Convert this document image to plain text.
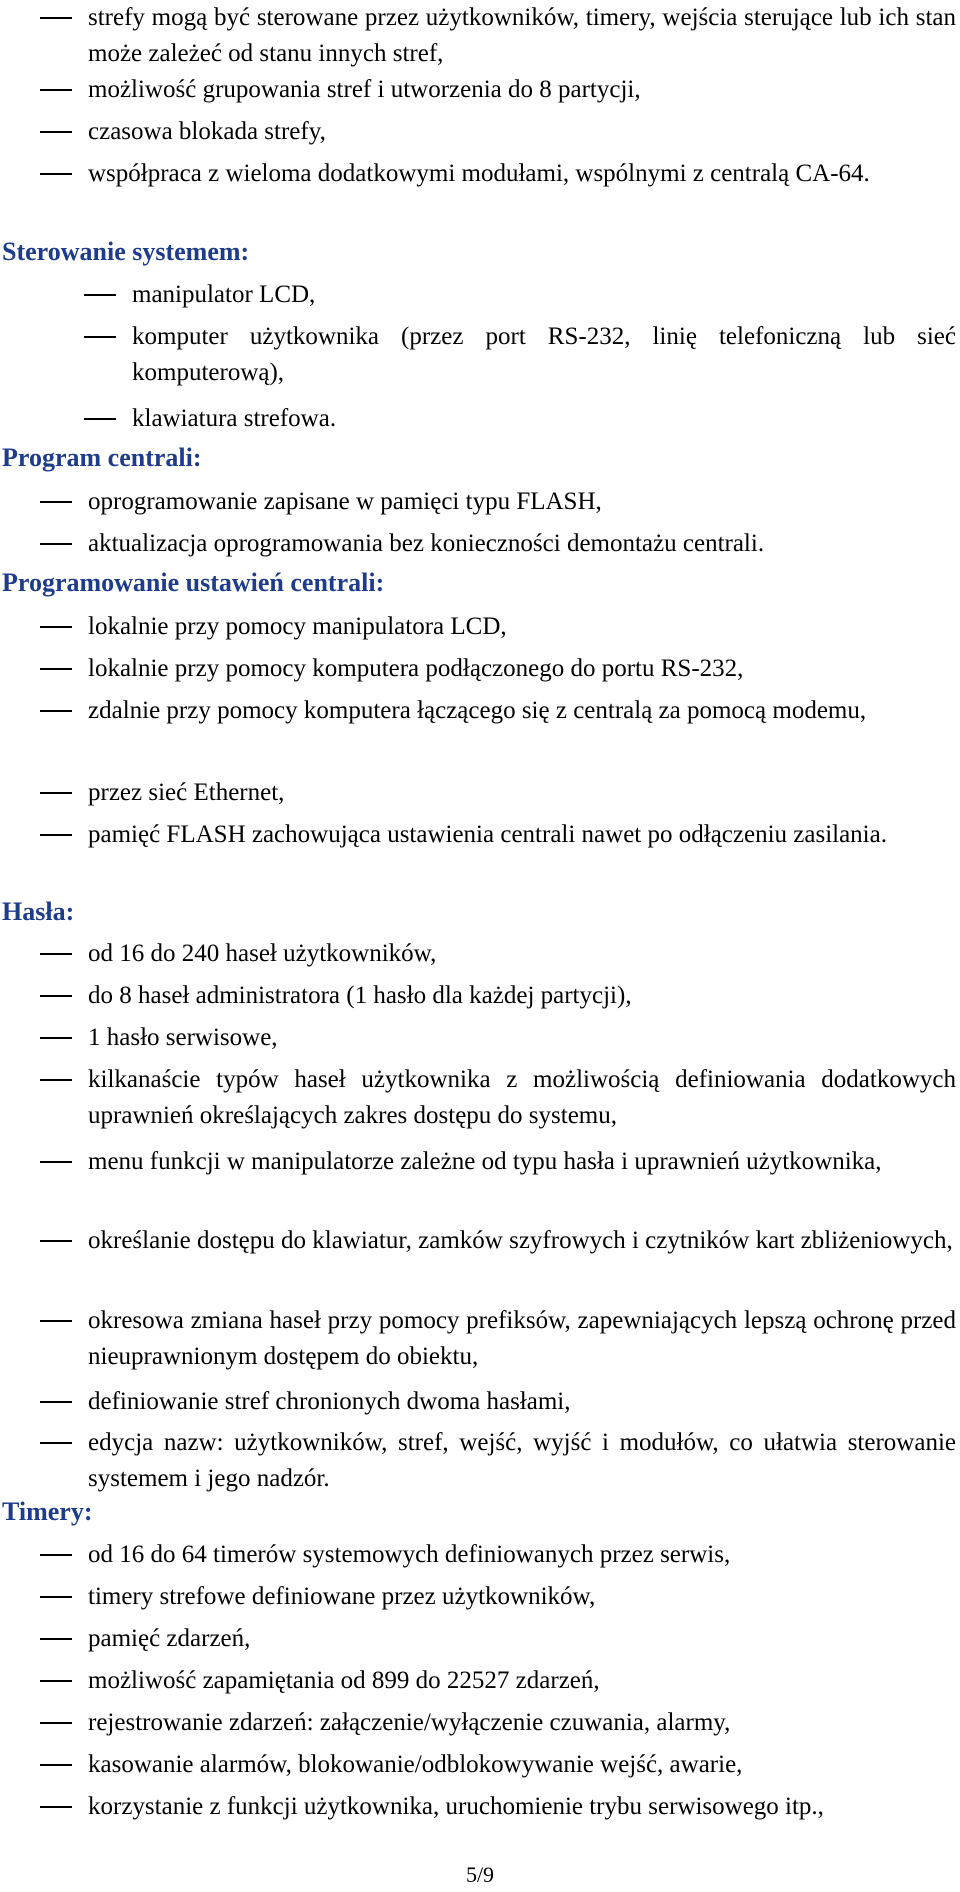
strefy mogą być sterowane przez użytkowników, timery, wejścia sterujące lub ich stan może zależeć od stanu innych stref,
możliwość grupowania stref i utworzenia do 8 partycji,
czasowa blokada strefy,
współpraca z wieloma dodatkowymi modułami, wspólnymi z centralą CA-64.
Sterowanie systemem:
manipulator LCD,
komputer użytkownika (przez port RS-232, linię telefoniczną lub sieć komputerową),
klawiatura strefowa.
Program centrali:
oprogramowanie zapisane w pamięci typu FLASH,
aktualizacja oprogramowania bez konieczności demontażu centrali.
Programowanie ustawień centrali:
lokalnie przy pomocy manipulatora LCD,
lokalnie przy pomocy komputera podłączonego do portu RS-232,
zdalnie przy pomocy komputera łączącego się z centralą za pomocą modemu,
przez sieć Ethernet,
pamięć FLASH zachowująca ustawienia centrali nawet po odłączeniu zasilania.
Hasła:
od 16 do 240 haseł użytkowników,
do 8 haseł administratora (1 hasło dla każdej partycji),
1 hasło serwisowe,
kilkanaście typów haseł użytkownika z możliwością definiowania dodatkowych uprawnień określających zakres dostępu do systemu,
menu funkcji w manipulatorze zależne od typu hasła i uprawnień użytkownika,
określanie dostępu do klawiatur, zamków szyfrowych i czytników kart zbliżeniowych,
okresowa zmiana haseł przy pomocy prefiksów, zapewniających lepszą ochronę przed nieuprawnionym dostępem do obiektu,
definiowanie stref chronionych dwoma hasłami,
edycja nazw: użytkowników, stref, wejść, wyjść i modułów, co ułatwia sterowanie systemem i jego nadzór.
Timery:
od 16 do 64 timerów systemowych definiowanych przez serwis,
timery strefowe definiowane przez użytkowników,
pamięć zdarzeń,
możliwość zapamiętania od 899 do 22527 zdarzeń,
rejestrowanie zdarzeń: załączenie/wyłączenie czuwania, alarmy,
kasowanie alarmów, blokowanie/odblokowywanie wejść, awarie,
korzystanie z funkcji użytkownika, uruchomienie trybu serwisowego itp.,
5/9
